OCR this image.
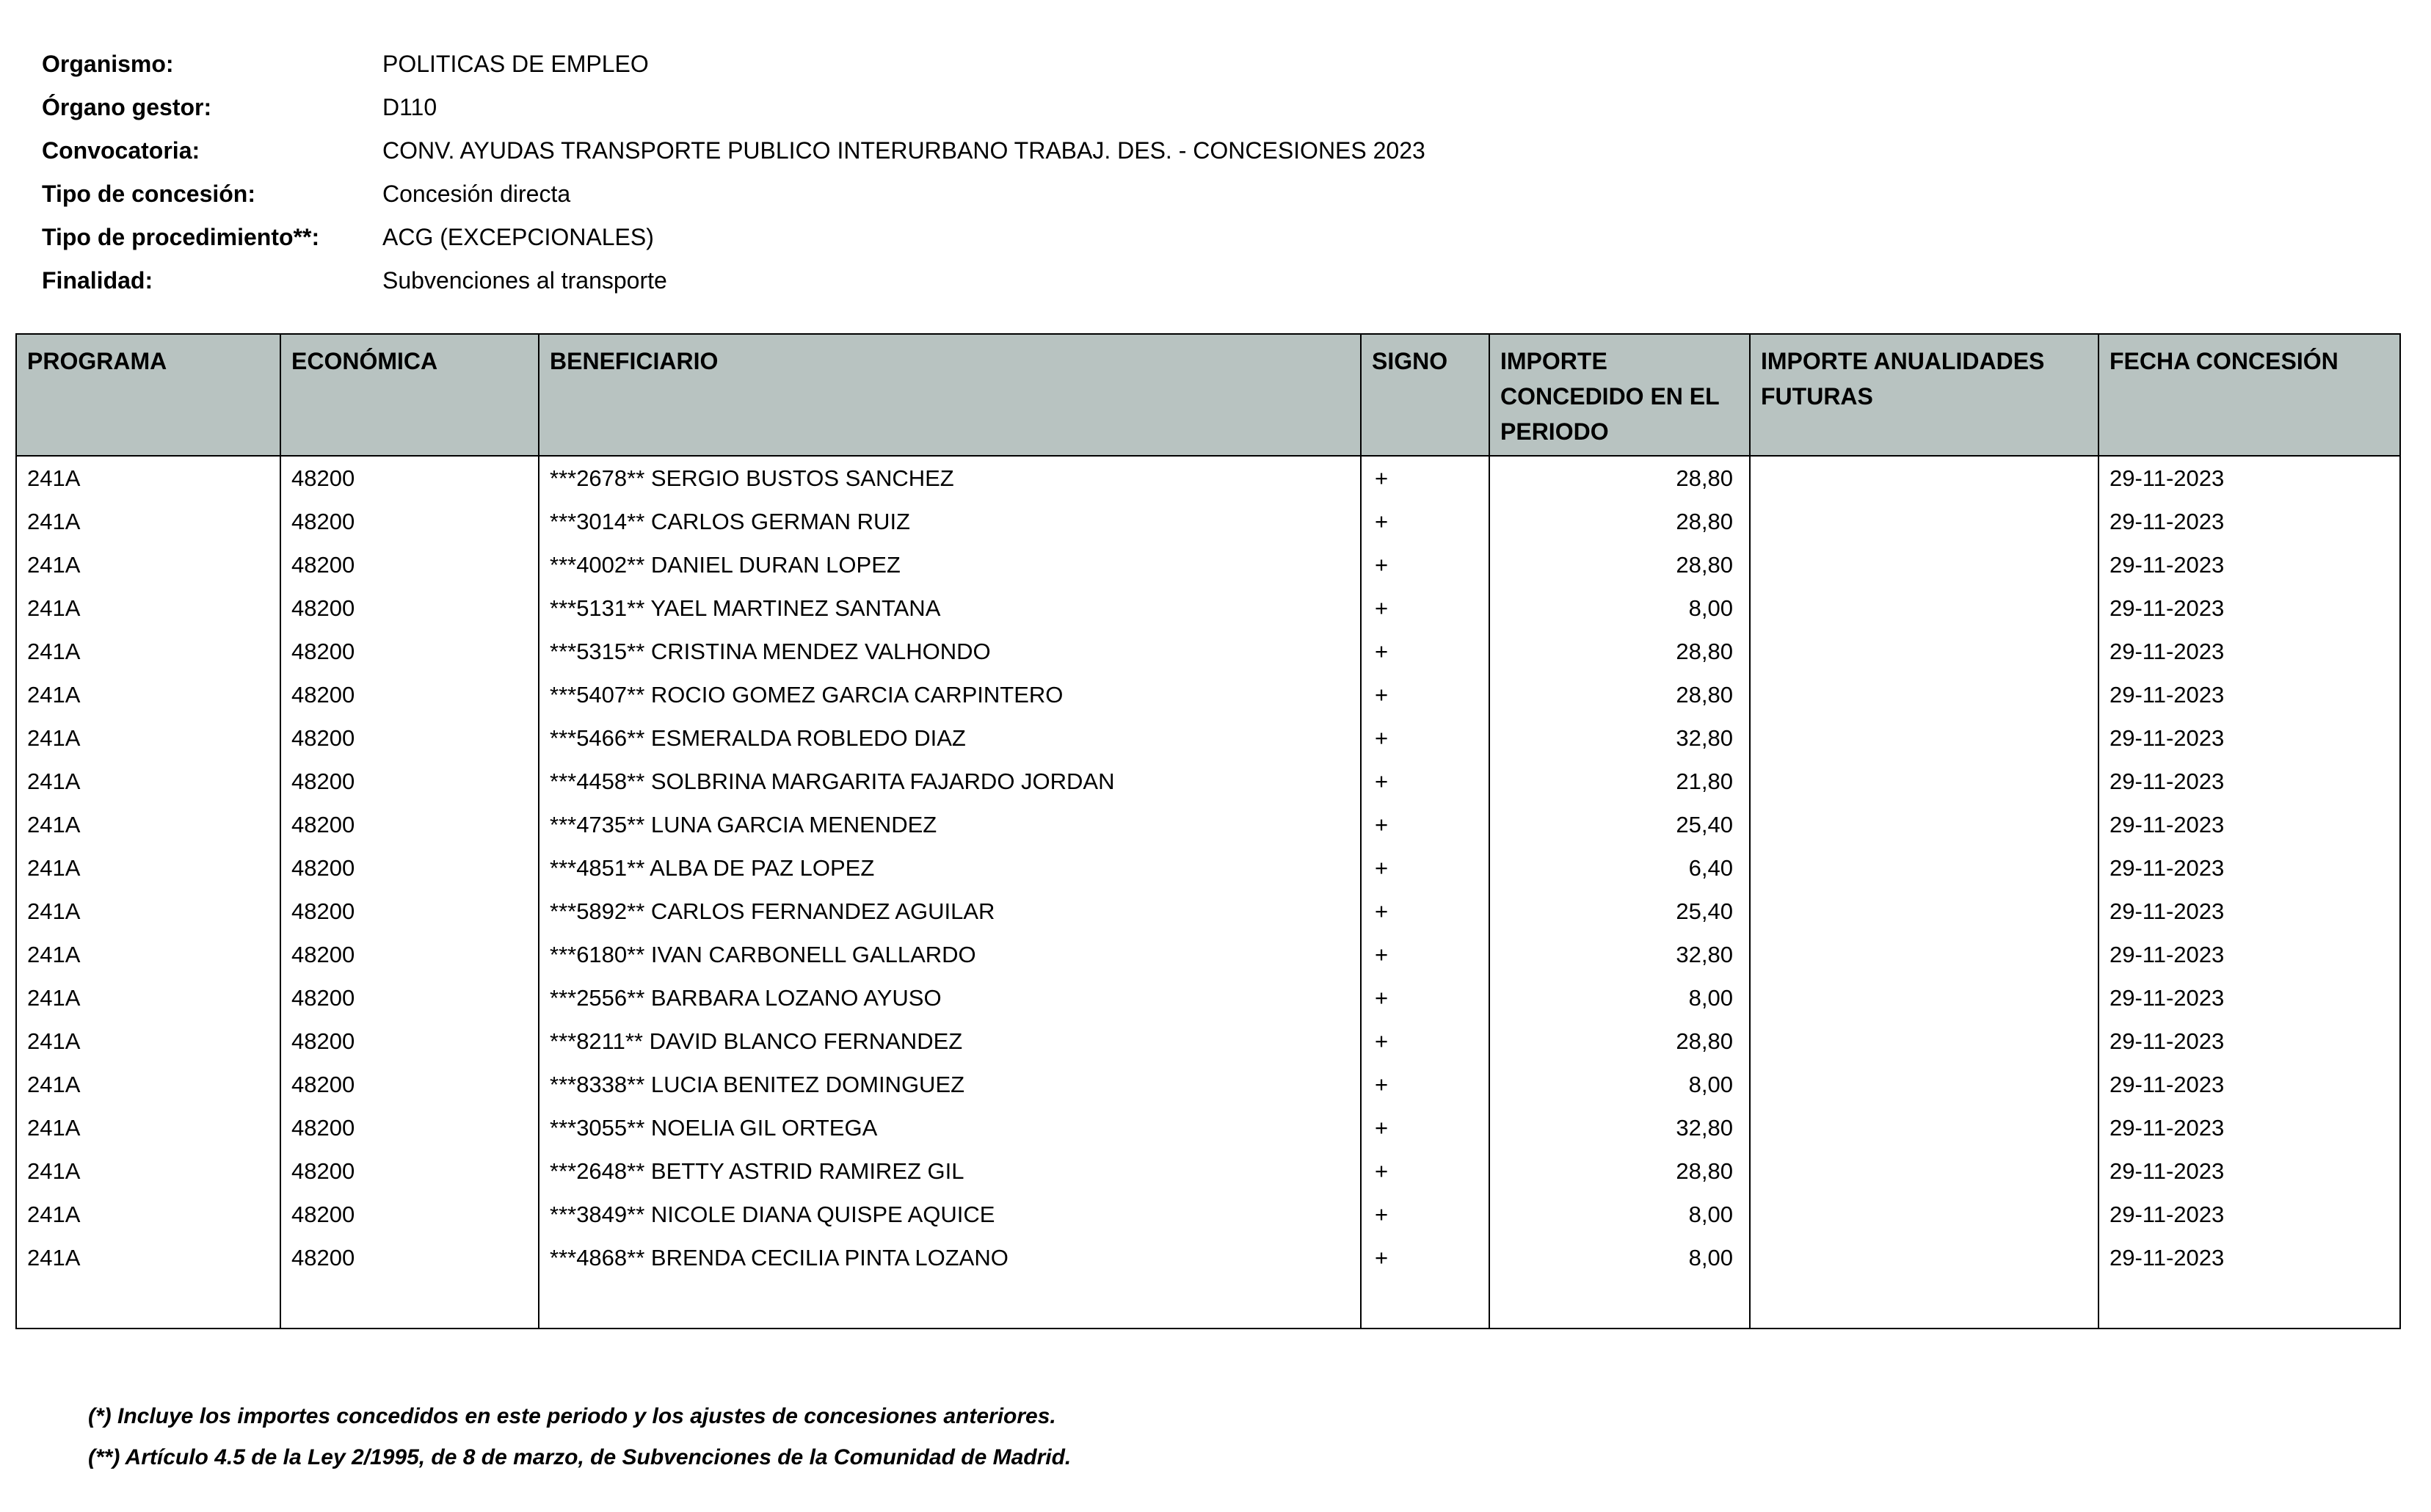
Organismo:	POLITICAS DE EMPLEO
Órgano gestor:	D110
Convocatoria:	CONV. AYUDAS TRANSPORTE PUBLICO INTERURBANO TRABAJ. DES. - CONCESIONES 2023
Tipo de concesión:	Concesión directa
Tipo de procedimiento**:	ACG (EXCEPCIONALES)
Finalidad:	Subvenciones al transporte
PROGRAMA	ECONÓMICA	BENEFICIARIO	SIGNO	IMPORTE CONCEDIDO EN EL PERIODO	IMPORTE ANUALIDADES FUTURAS	FECHA CONCESIÓN
241A	48200	***2678** SERGIO BUSTOS SANCHEZ	+	28,80		29-11-2023
241A	48200	***3014** CARLOS GERMAN RUIZ	+	28,80		29-11-2023
241A	48200	***4002** DANIEL DURAN LOPEZ	+	28,80		29-11-2023
241A	48200	***5131** YAEL MARTINEZ SANTANA	+	8,00		29-11-2023
241A	48200	***5315** CRISTINA MENDEZ VALHONDO	+	28,80		29-11-2023
241A	48200	***5407** ROCIO GOMEZ GARCIA CARPINTERO	+	28,80		29-11-2023
241A	48200	***5466** ESMERALDA ROBLEDO DIAZ	+	32,80		29-11-2023
241A	48200	***4458** SOLBRINA MARGARITA FAJARDO JORDAN	+	21,80		29-11-2023
241A	48200	***4735** LUNA GARCIA MENENDEZ	+	25,40		29-11-2023
241A	48200	***4851** ALBA DE PAZ LOPEZ	+	6,40		29-11-2023
241A	48200	***5892** CARLOS FERNANDEZ AGUILAR	+	25,40		29-11-2023
241A	48200	***6180** IVAN CARBONELL GALLARDO	+	32,80		29-11-2023
241A	48200	***2556** BARBARA LOZANO AYUSO	+	8,00		29-11-2023
241A	48200	***8211** DAVID BLANCO FERNANDEZ	+	28,80		29-11-2023
241A	48200	***8338** LUCIA BENITEZ DOMINGUEZ	+	8,00		29-11-2023
241A	48200	***3055** NOELIA GIL ORTEGA	+	32,80		29-11-2023
241A	48200	***2648** BETTY ASTRID RAMIREZ GIL	+	28,80		29-11-2023
241A	48200	***3849** NICOLE DIANA QUISPE AQUICE	+	8,00		29-11-2023
241A	48200	***4868** BRENDA CECILIA PINTA LOZANO	+	8,00		29-11-2023

(*) Incluye los importes concedidos en este periodo y los ajustes de concesiones anteriores.
(**) Artículo 4.5 de la Ley 2/1995, de 8 de marzo, de Subvenciones de la Comunidad de Madrid.
